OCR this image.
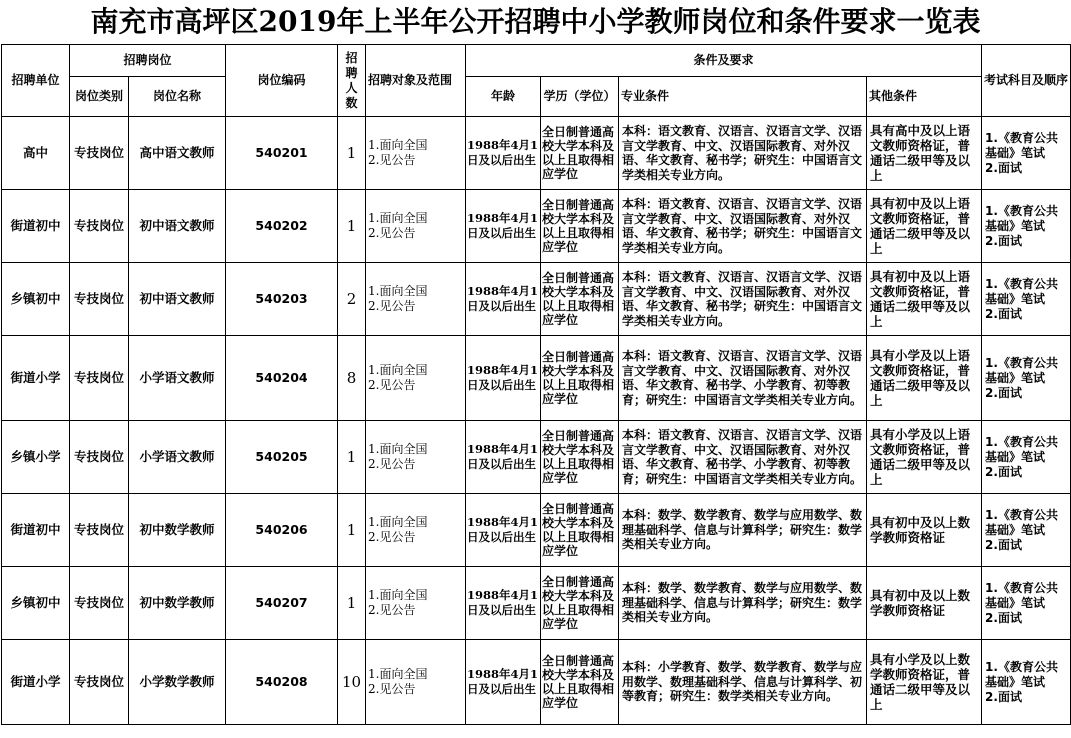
南充市高坪区2019年上半年公开招聘中小学教师岗位和条件要求一览表
招聘单位	招聘岗位		岗位编码	招聘人数	招聘对象及范围	条件及要求				考试科目及顺序
	岗位类别	岗位名称				年龄	学历（学位）	专业条件	其他条件	
高中	专技岗位	高中语文教师	540201	1	1.面向全国
2.见公告	1988年4月1日及以后出生	全日制普通高校大学本科及以上且取得相应学位	本科：语文教育、汉语言、汉语言文学、汉语言文学教育、中文、汉语国际教育、对外汉语、华文教育、秘书学；研究生：中国语言文学类相关专业方向。	具有高中及以上语文教师资格证，普通话二级甲等及以上	1.《教育公共基础》笔试
2.面试

街道初中	专技岗位	初中语文教师	540202	1	1.面向全国
2.见公告	1988年4月1日及以后出生	全日制普通高校大学本科及以上且取得相应学位	本科：语文教育、汉语言、汉语言文学、汉语言文学教育、中文、汉语国际教育、对外汉语、华文教育、秘书学；研究生：中国语言文学类相关专业方向。	具有初中及以上语文教师资格证，普通话二级甲等及以上	1.《教育公共基础》笔试
2.面试

乡镇初中	专技岗位	初中语文教师	540203	2	1.面向全国
2.见公告	1988年4月1日及以后出生	全日制普通高校大学本科及以上且取得相应学位	本科：语文教育、汉语言、汉语言文学、汉语言文学教育、中文、汉语国际教育、对外汉语、华文教育、秘书学；研究生：中国语言文学类相关专业方向。	具有初中及以上语文教师资格证，普通话二级甲等及以上	1.《教育公共基础》笔试
2.面试

街道小学	专技岗位	小学语文教师	540204	8	1.面向全国
2.见公告	1988年4月1日及以后出生	全日制普通高校大学本科及以上且取得相应学位	本科：语文教育、汉语言、汉语言文学、汉语言文学教育、中文、汉语国际教育、对外汉语、华文教育、秘书学、小学教育、初等教育；研究生：中国语言文学类相关专业方向。	具有小学及以上语文教师资格证，普通话二级甲等及以上	1.《教育公共基础》笔试
2.面试

乡镇小学	专技岗位	小学语文教师	540205	1	1.面向全国
2.见公告	1988年4月1日及以后出生	全日制普通高校大学本科及以上且取得相应学位	本科：语文教育、汉语言、汉语言文学、汉语言文学教育、中文、汉语国际教育、对外汉语、华文教育、秘书学、小学教育、初等教育；研究生：中国语言文学类相关专业方向。	具有小学及以上语文教师资格证，普通话二级甲等及以上	1.《教育公共基础》笔试
2.面试

街道初中	专技岗位	初中数学教师	540206	1	1.面向全国
2.见公告	1988年4月1日及以后出生	全日制普通高校大学本科及以上且取得相应学位	本科：数学、数学教育、数学与应用数学、数理基础科学、信息与计算科学；研究生：数学类相关专业方向。	具有初中及以上数学教师资格证	1.《教育公共基础》笔试
2.面试

乡镇初中	专技岗位	初中数学教师	540207	1	1.面向全国
2.见公告	1988年4月1日及以后出生	全日制普通高校大学本科及以上且取得相应学位	本科：数学、数学教育、数学与应用数学、数理基础科学、信息与计算科学；研究生：数学类相关专业方向。	具有初中及以上数学教师资格证	1.《教育公共基础》笔试
2.面试

街道小学	专技岗位	小学数学教师	540208	10	1.面向全国
2.见公告	1988年4月1日及以后出生	全日制普通高校大学本科及以上且取得相应学位	本科：小学教育、数学、数学教育、数学与应用数学、数理基础科学、信息与计算科学、初等教育；研究生：数学类相关专业方向。	具有小学及以上数学教师资格证，普通话二级甲等及以上	1.《教育公共基础》笔试
2.面试
